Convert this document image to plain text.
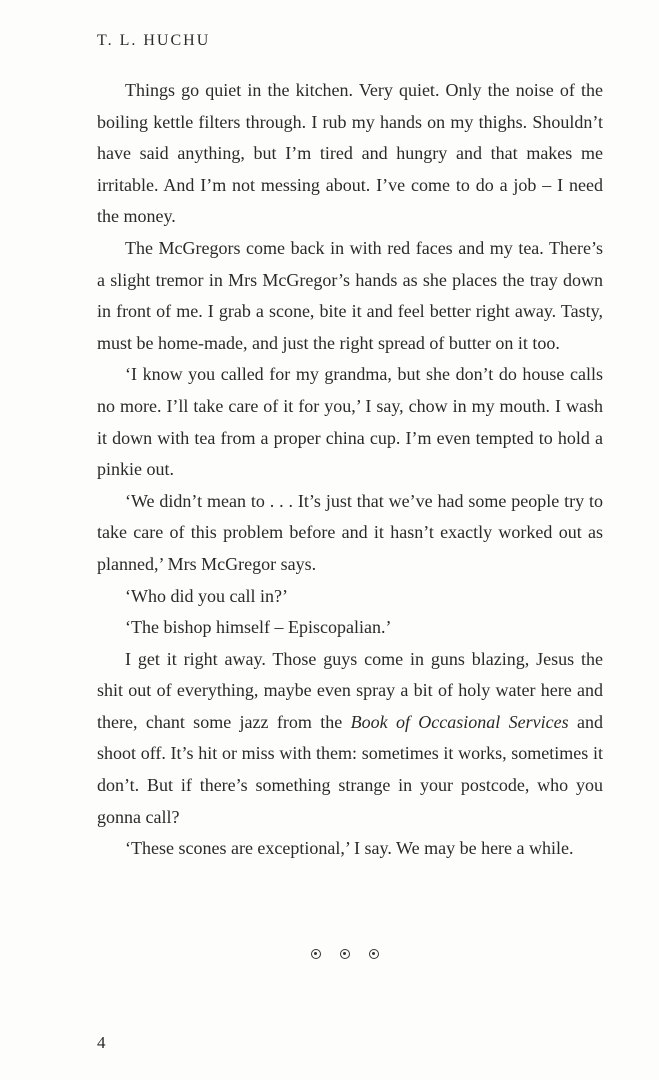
T. L. HUCHU

Things go quiet in the kitchen. Very quiet. Only the noise of the boiling kettle filters through. I rub my hands on my thighs. Shouldn’t have said anything, but I’m tired and hungry and that makes me irritable. And I’m not messing about. I’ve come to do a job – I need the money.

The McGregors come back in with red faces and my tea. There’s a slight tremor in Mrs McGregor’s hands as she places the tray down in front of me. I grab a scone, bite it and feel better right away. Tasty, must be home-made, and just the right spread of butter on it too.

‘I know you called for my grandma, but she don’t do house calls no more. I’ll take care of it for you,’ I say, chow in my mouth. I wash it down with tea from a proper china cup. I’m even tempted to hold a pinkie out.

‘We didn’t mean to . . . It’s just that we’ve had some people try to take care of this problem before and it hasn’t exactly worked out as planned,’ Mrs McGregor says.

‘Who did you call in?’

‘The bishop himself – Episcopalian.’

I get it right away. Those guys come in guns blazing, Jesus the shit out of everything, maybe even spray a bit of holy water here and there, chant some jazz from the Book of Occasional Services and shoot off. It’s hit or miss with them: sometimes it works, sometimes it don’t. But if there’s something strange in your postcode, who you gonna call?

‘These scones are exceptional,’ I say. We may be here a while.

4
